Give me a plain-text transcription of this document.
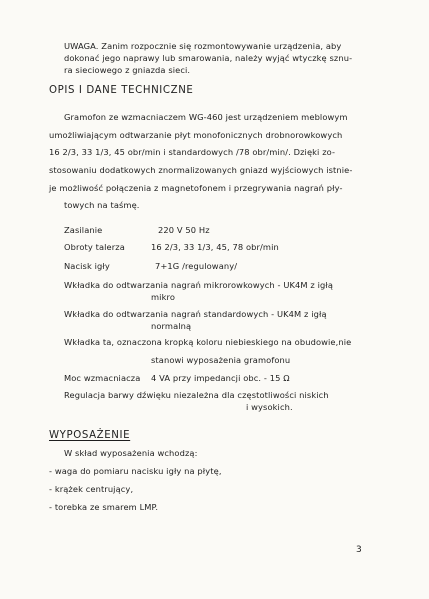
UWAGA. Zanim rozpocznie się rozmontowywanie urządzenia, aby
dokonać jego naprawy lub smarowania, należy wyjąć wtyczkę sznu-
ra sieciowego z gniazda sieci.
OPIS I DANE TECHNICZNE
Gramofon ze wzmacniaczem WG-460 jest urządzeniem meblowym
umożliwiającym odtwarzanie płyt monofonicznych drobnorowkowych
16 2/3, 33 1/3, 45 obr/min i standardowych /78 obr/min/. Dzięki zo-
stosowaniu dodatkowych znormalizowanych gniazd wyjściowych istnie-
je możliwość połączenia z magnetofonem i przegrywania nagrań pły-
towych na taśmę.
Zasilanie	220 V 50 Hz
Obroty talerza	16 2/3, 33 1/3, 45, 78 obr/min
Nacisk igły	7+1G /regulowany/
Wkładka do odtwarzania nagrań mikrorowkowych - UK4M z igłą
mikro
Wkładka do odtwarzania nagrań standardowych - UK4M z igłą
normalną
Wkładka ta, oznaczona kropką koloru niebieskiego na obudowie,nie
stanowi wyposażenia gramofonu
Moc wzmacniacza 4 VA przy impedancji obc. - 15 Ω
Regulacja barwy dźwięku niezależna dla częstotliwości niskich
i wysokich.
WYPOSAŻENIE
W skład wyposażenia wchodzą:
- waga do pomiaru nacisku igły na płytę,
- krążek centrujący,
- torebka ze smarem LMP.
3
